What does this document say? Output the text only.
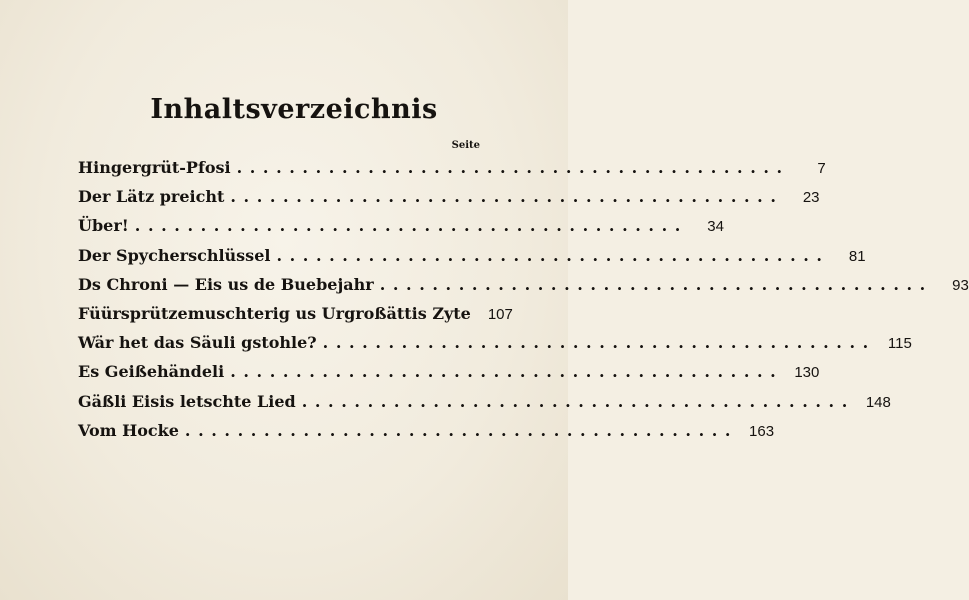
Inhaltsverzeichnis
Seite
Hingergrüt-Pfosi ..........................................	7
Der Lätz preicht ..........................................	23
Über! ..........................................	34
Der Spycherschlüssel ..........................................	81
Ds Chroni — Eis us de Buebejahr ..........................................	93
Füürsprützemuschterig us Urgroßättis Zyte	107
Wär het das Säuli gstohle? .......................................... 115
Es Geißehändeli .......................................... 130
Gäßli Eisis letschte Lied .......................................... 148
Vom Hocke .......................................... 163
